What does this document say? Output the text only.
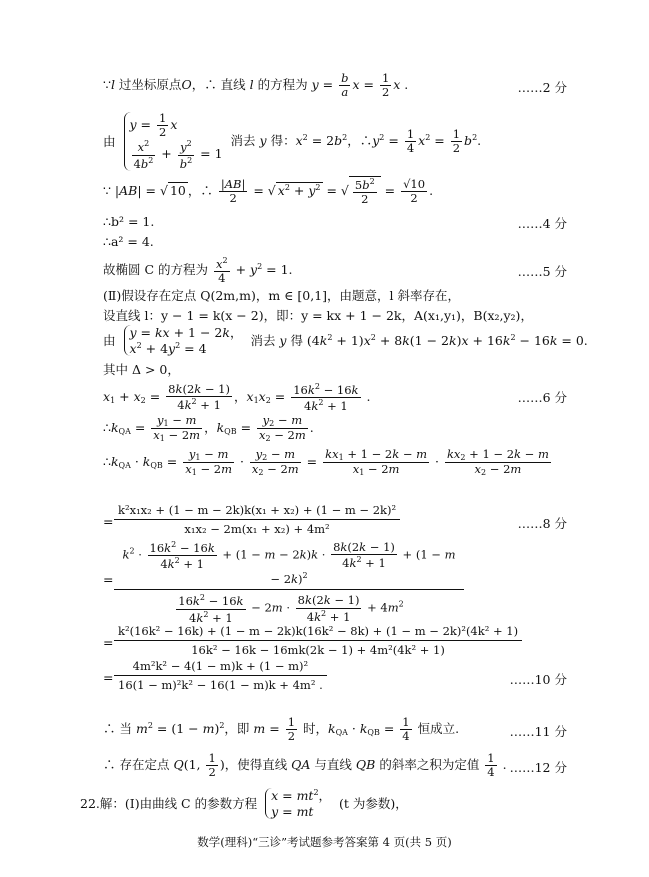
∵l 过坐标原点O，∴ 直线 l 的方程为 $y = \frac{b}{a}$ $x = \frac{1}{2}$ x .	……2 分
由
$y = \frac{1}{2}$ x
$\frac{x^2}{4b^2} + \frac{y^2}{b^2} = 1$
消去 y 得：$x^2 = 2b^2$，$\therefore y^2 = \frac{1}{4} x^2 = \frac{1}{2} b^2$.
∵ |AB| = √ 10 ，∴ $\frac{|AB|}{2}$ = √ $x^2 + y^2$ = √ $\frac{5b^2}{2} = \frac{√10}{2}$ .
∴b² = 1.	……4 分
∴a² = 4.
故椭圆 C 的方程为 $\frac{x^2}{4} + y^2 = 1$.	……5 分
(Ⅱ)假设存在定点 Q(2m,m)，m ∈ [0,1]，由题意，l 斜率存在，
设直线 l：y − 1 = k(x − 2)，即：y = kx + 1 − 2k，A(x₁,y₁)，B(x₂,y₂)，
由
y = kx + 1 − 2k，
$x^2 + 4y^2 = 4$	消去 y 得 $(4k^2 + 1)x^2 + 8k(1 - 2k)x + 16k^2 - 16k = 0$.
其中 Δ > 0，
$x_1 + x_2 = \frac{8k(2k - 1)}{4k^2 + 1}$ ，$x_1x_2 = \frac{16k^2 - 16k}{4k^2 + 1}$ .	……6 分
$\therefore k_{QA} = \frac{y_1 - m}{x_1 - 2m}$ ，$k_{QB} = \frac{y_2 - m}{x_2 - 2m}$ .
$\therefore k_{QA} \cdot k_{QB} = \frac{y_1 - m}{x_1 - 2m} \cdot \frac{y_2 - m}{x_2 - 2m} = \frac{kx_1 + 1 - 2k - m}{x_1 - 2m} \cdot \frac{kx_2 + 1 - 2k - m}{x_2 - 2m}$
= $\frac{\text{k²x₁x₂ + (1 − m − 2k)k(x₁ + x₂) + (1 − m − 2k)²}}{\text{x₁x₂ − 2m(x₁ + x₂) + 4m²}}$	……8 分
=
$k^2 \cdot \frac{16k^2 - 16k}{4k^2 + 1} + (1 - m - 2k)k \cdot \frac{8k(2k - 1)}{4k^2 + 1} + (1 - m - 2k)^2$
$\frac{16k^2 - 16k}{4k^2 + 1} - 2m \cdot \frac{8k(2k - 1)}{4k^2 + 1} + 4m^2$
=
k²(16k² − 16k) + (1 − m − 2k)k(16k² − 8k) + (1 − m − 2k)²(4k² + 1)
16k² − 16k − 16mk(2k − 1) + 4m²(4k² + 1)
= $\frac{\text{4m²k² − 4(1 − m)k + (1 − m)²}}{\text{16(1 − m)²k² − 16(1 − m)k + 4m² .}}$	……10 分
∴ 当 $m^2 = (1 - m)^2$，即 $m = \frac{1}{2}$ 时，$k_{QA} \cdot k_{QB} = \frac{1}{4}$ 恒成立.	……11 分
∴ 存在定点 Q(1, $\frac{1}{2}$ )，使得直线 QA 与直线 QB 的斜率之积为定值 $\frac{1}{4}$ . ……12 分
22.解：(Ⅰ)由曲线 C 的参数方程
$x = mt^2$，
y = mt	(t 为参数)，
数学(理科)“三诊”考试题参考答案第 4 页(共 5 页)
